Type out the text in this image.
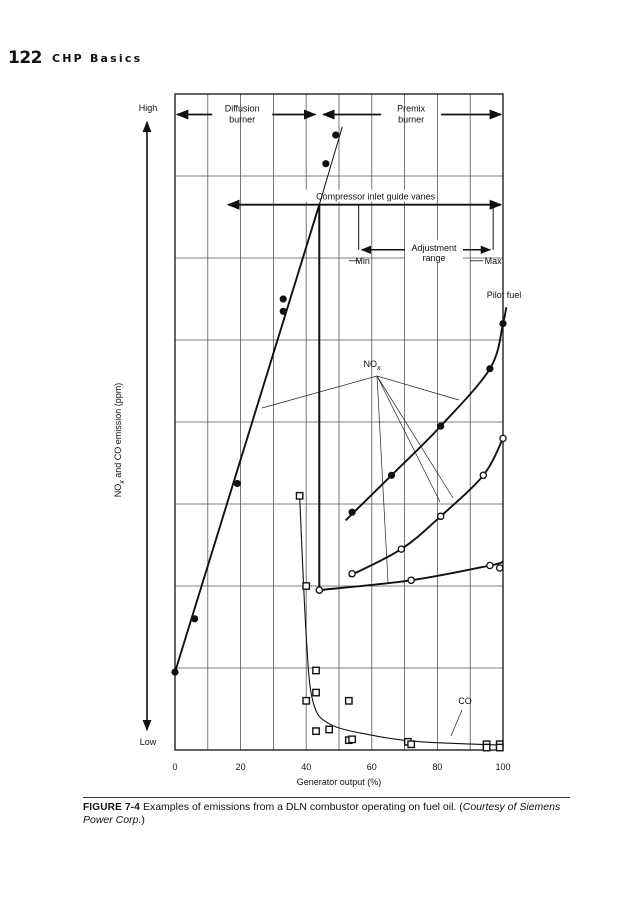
122 CHP Basics
0	20	40	60	80	100
Generator output (%)
High
Low
$NO_x$ and CO emission (ppm)
Diffusion
burner
Premix
burner
Compressor inlet guide vanes
Adjustment
range
Min	Max
Pilot fuel
$NO_x$
CO
FIGURE 7-4 Examples of emissions from a DLN combustor operating on fuel oil. (Courtesy of Siemens Power Corp.)
